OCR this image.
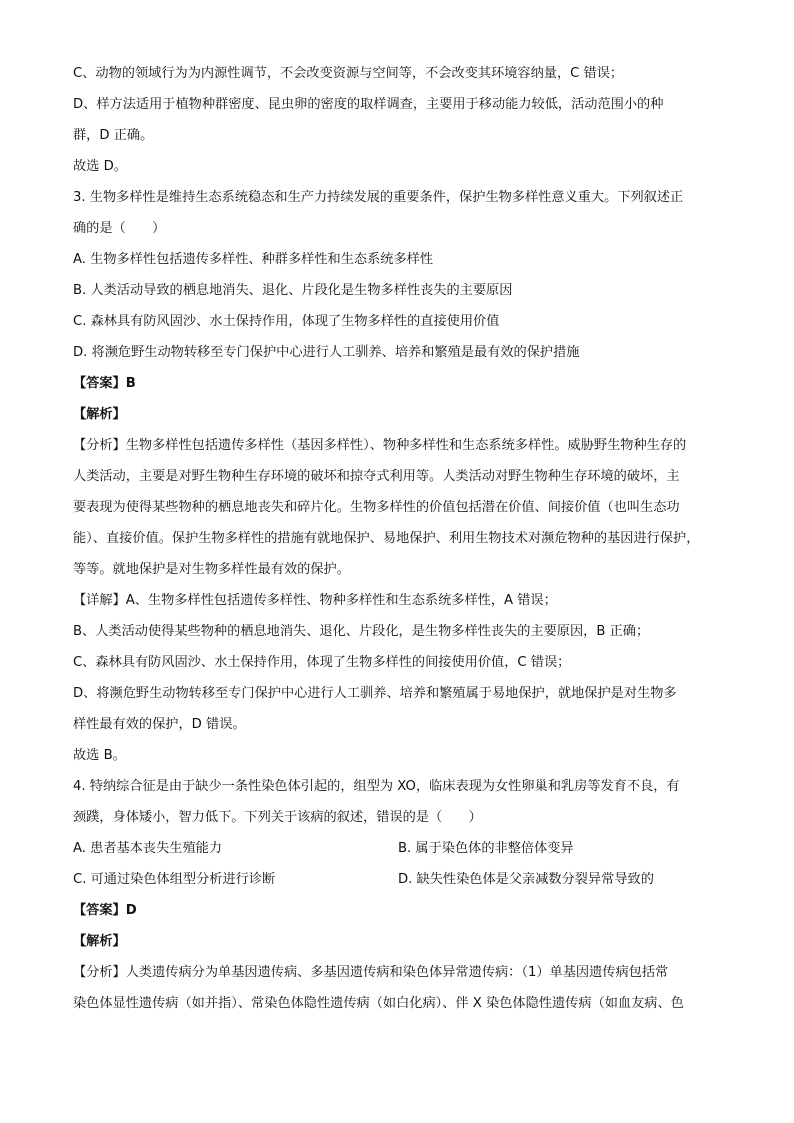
C、动物的领域行为为内源性调节，不会改变资源与空间等，不会改变其环境容纳量，C 错误；
D、样方法适用于植物种群密度、昆虫卵的密度的取样调查，主要用于移动能力较低，活动范围小的种
群，D 正确。
故选 D。
3. 生物多样性是维持生态系统稳态和生产力持续发展的重要条件，保护生物多样性意义重大。下列叙述正
确的是（　　）
A. 生物多样性包括遗传多样性、种群多样性和生态系统多样性
B. 人类活动导致的栖息地消失、退化、片段化是生物多样性丧失的主要原因
C. 森林具有防风固沙、水土保持作用，体现了生物多样性的直接使用价值
D. 将濒危野生动物转移至专门保护中心进行人工驯养、培养和繁殖是最有效的保护措施
【答案】B
【解析】
【分析】生物多样性包括遗传多样性（基因多样性）、物种多样性和生态系统多样性。威胁野生物种生存的
人类活动，主要是对野生物种生存环境的破坏和掠夺式利用等。人类活动对野生物种生存环境的破坏，主
要表现为使得某些物种的栖息地丧失和碎片化。生物多样性的价值包括潜在价值、间接价值（也叫生态功
能）、直接价值。保护生物多样性的措施有就地保护、易地保护、利用生物技术对濒危物种的基因进行保护，
等等。就地保护是对生物多样性最有效的保护。
【详解】A、生物多样性包括遗传多样性、物种多样性和生态系统多样性，A 错误；
B、人类活动使得某些物种的栖息地消失、退化、片段化，是生物多样性丧失的主要原因，B 正确；
C、森林具有防风固沙、水土保持作用，体现了生物多样性的间接使用价值，C 错误；
D、将濒危野生动物转移至专门保护中心进行人工驯养、培养和繁殖属于易地保护，就地保护是对生物多
样性最有效的保护，D 错误。
故选 B。
4. 特纳综合征是由于缺少一条性染色体引起的，组型为 XO，临床表现为女性卵巢和乳房等发育不良，有
颈蹼，身体矮小，智力低下。下列关于该病的叙述，错误的是（　　）
A. 患者基本丧失生殖能力	B. 属于染色体的非整倍体变异
C. 可通过染色体组型分析进行诊断	D. 缺失性染色体是父亲减数分裂异常导致的
【答案】D
【解析】
【分析】人类遗传病分为单基因遗传病、多基因遗传病和染色体异常遗传病：（1）单基因遗传病包括常
染色体显性遗传病（如并指）、常染色体隐性遗传病（如白化病）、伴 X 染色体隐性遗传病（如血友病、色
